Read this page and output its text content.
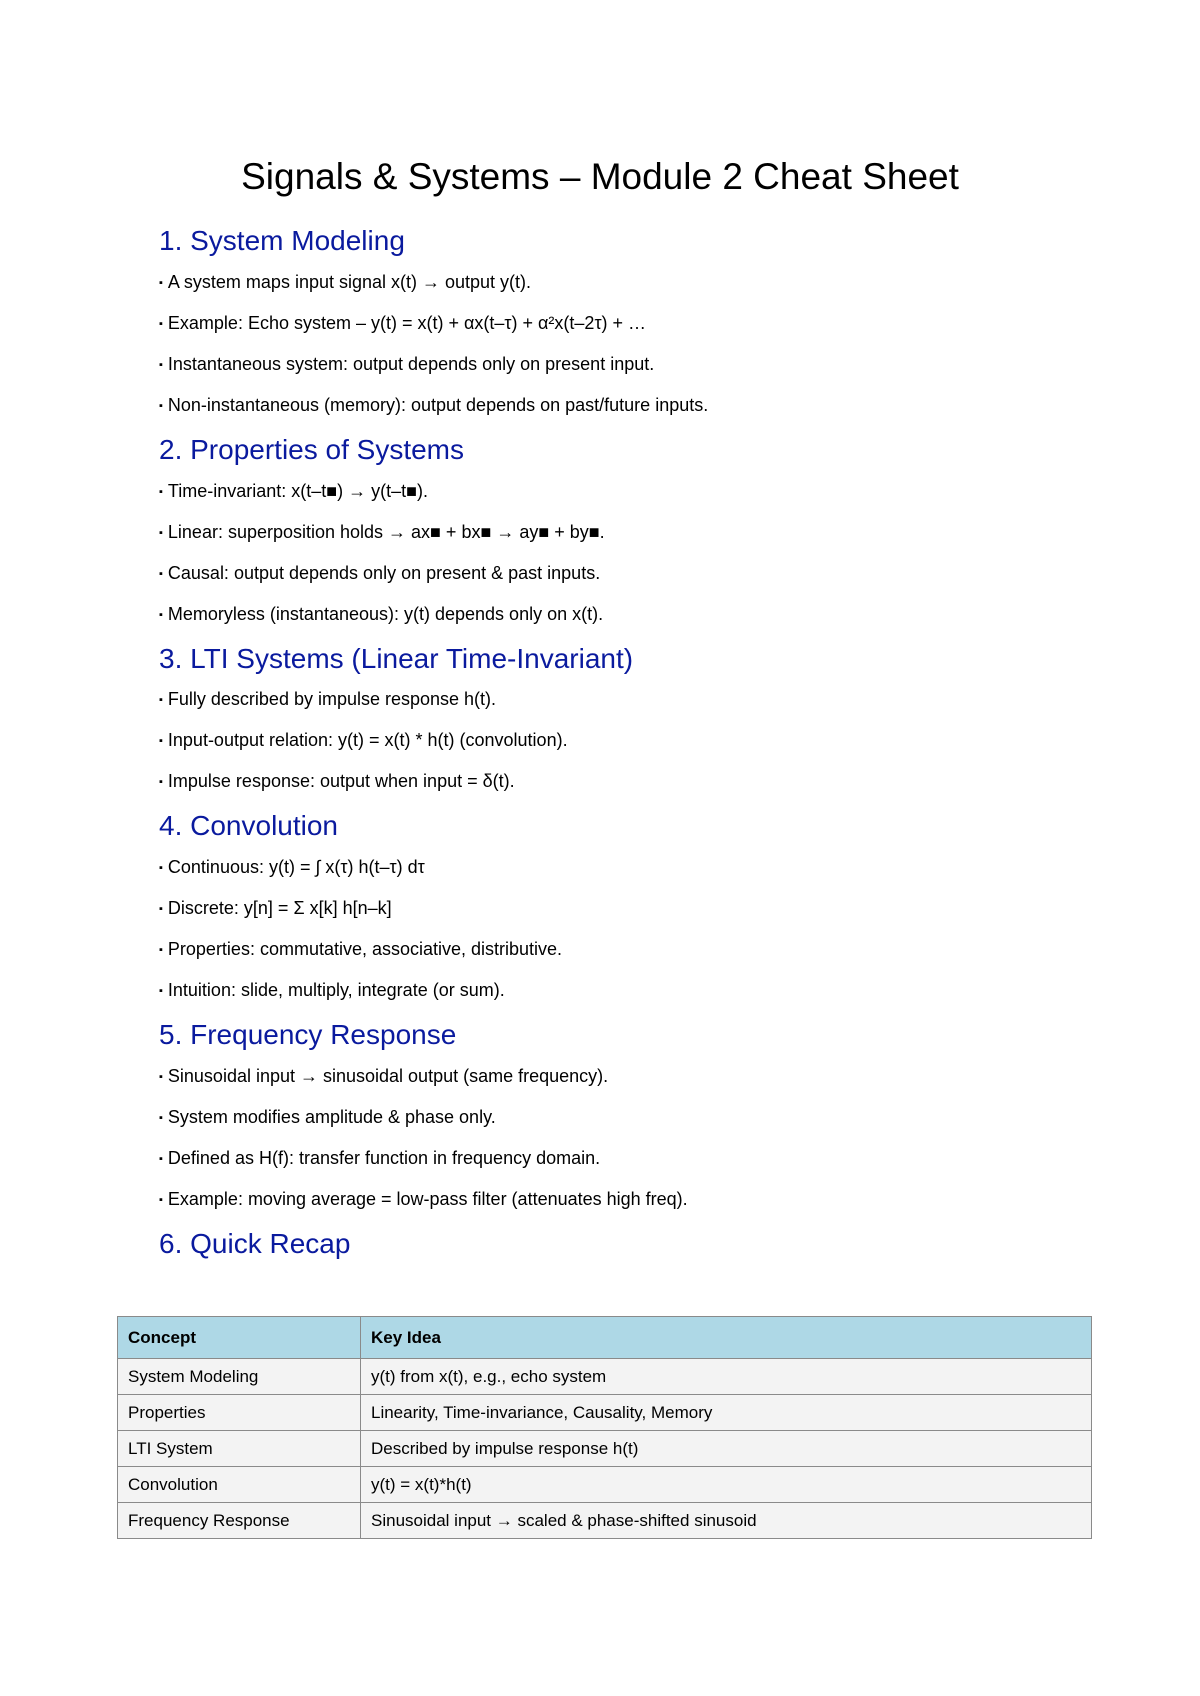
Signals & Systems – Module 2 Cheat Sheet
1. System Modeling
▪ A system maps input signal x(t) → output y(t).
▪ Example: Echo system – y(t) = x(t) + αx(t–τ) + α²x(t–2τ) + …
▪ Instantaneous system: output depends only on present input.
▪ Non-instantaneous (memory): output depends on past/future inputs.
2. Properties of Systems
▪ Time-invariant: x(t–t■) → y(t–t■).
▪ Linear: superposition holds → ax■ + bx■ → ay■ + by■.
▪ Causal: output depends only on present & past inputs.
▪ Memoryless (instantaneous): y(t) depends only on x(t).
3. LTI Systems (Linear Time-Invariant)
▪ Fully described by impulse response h(t).
▪ Input-output relation: y(t) = x(t) * h(t) (convolution).
▪ Impulse response: output when input = δ(t).
4. Convolution
▪ Continuous: y(t) = ∫ x(τ) h(t–τ) dτ
▪ Discrete: y[n] = Σ x[k] h[n–k]
▪ Properties: commutative, associative, distributive.
▪ Intuition: slide, multiply, integrate (or sum).
5. Frequency Response
▪ Sinusoidal input → sinusoidal output (same frequency).
▪ System modifies amplitude & phase only.
▪ Defined as H(f): transfer function in frequency domain.
▪ Example: moving average = low-pass filter (attenuates high freq).
6. Quick Recap
Concept	Key Idea
System Modeling	y(t) from x(t), e.g., echo system
Properties	Linearity, Time-invariance, Causality, Memory
LTI System	Described by impulse response h(t)
Convolution	y(t) = x(t)*h(t)
Frequency Response	Sinusoidal input → scaled & phase-shifted sinusoid
